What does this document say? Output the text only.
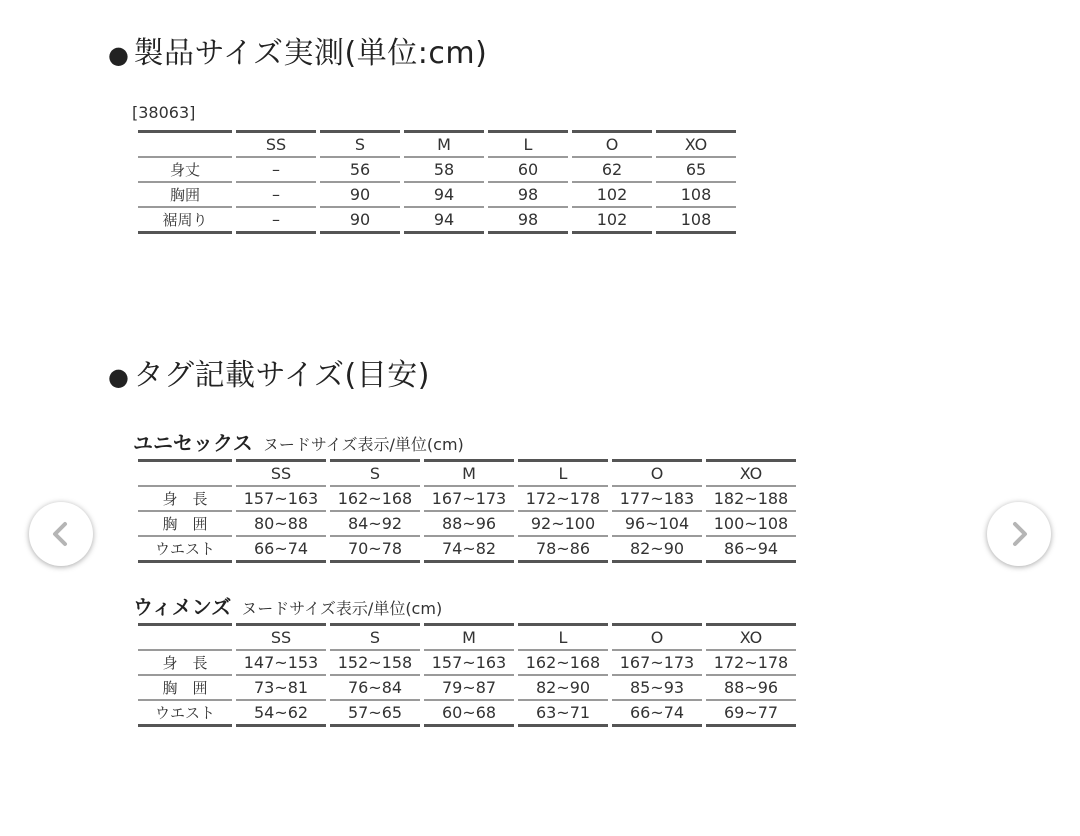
● 製品サイズ実測(単位:cm)
[38063]
	SS	S	M	L	O	XO
身丈	–	56	58	60	62	65
胸囲	–	90	94	98	102	108
裾周り	–	90	94	98	102	108
● タグ記載サイズ(目安)
ユニセックス ヌードサイズ表示/単位(cm)
	SS	S	M	L	O	XO
身　長	157~163	162~168	167~173	172~178	177~183	182~188
胸　囲	80~88	84~92	88~96	92~100	96~104	100~108
ウエスト	66~74	70~78	74~82	78~86	82~90	86~94
ウィメンズ ヌードサイズ表示/単位(cm)
	SS	S	M	L	O	XO
身　長	147~153	152~158	157~163	162~168	167~173	172~178
胸　囲	73~81	76~84	79~87	82~90	85~93	88~96
ウエスト	54~62	57~65	60~68	63~71	66~74	69~77
